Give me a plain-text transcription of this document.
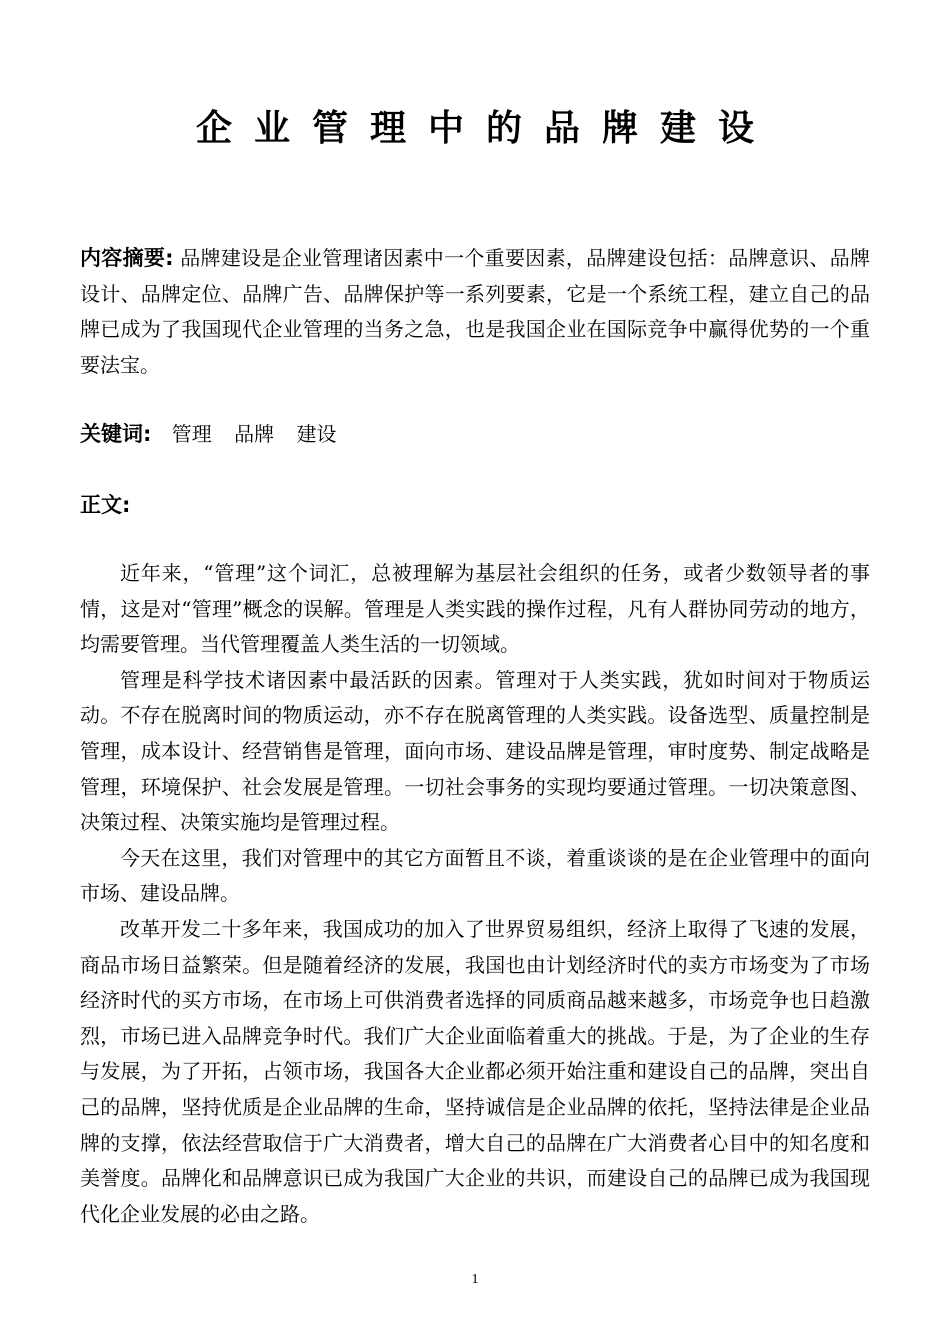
企业管理中的品牌建设
内容摘要: 品牌建设是企业管理诸因素中一个重要因素，品牌建设包括：品牌意识、品牌设计、品牌定位、品牌广告、品牌保护等一系列要素，它是一个系统工程，建立自己的品牌已成为了我国现代企业管理的当务之急，也是我国企业在国际竞争中赢得优势的一个重要法宝。
关键词: 管理 品牌 建设
正文:

近年来，“管理”这个词汇，总被理解为基层社会组织的任务，或者少数领导者的事情，这是对“管理”概念的误解。管理是人类实践的操作过程，凡有人群协同劳动的地方，均需要管理。当代管理覆盖人类生活的一切领域。

管理是科学技术诸因素中最活跃的因素。管理对于人类实践，犹如时间对于物质运动。不存在脱离时间的物质运动，亦不存在脱离管理的人类实践。设备选型、质量控制是管理，成本设计、经营销售是管理，面向市场、建设品牌是管理，审时度势、制定战略是管理，环境保护、社会发展是管理。一切社会事务的实现均要通过管理。一切决策意图、决策过程、决策实施均是管理过程。

今天在这里，我们对管理中的其它方面暂且不谈，着重谈谈的是在企业管理中的面向市场、建设品牌。

改革开发二十多年来，我国成功的加入了世界贸易组织，经济上取得了飞速的发展，商品市场日益繁荣。但是随着经济的发展，我国也由计划经济时代的卖方市场变为了市场经济时代的买方市场，在市场上可供消费者选择的同质商品越来越多，市场竞争也日趋激烈，市场已进入品牌竞争时代。我们广大企业面临着重大的挑战。于是，为了企业的生存与发展，为了开拓，占领市场，我国各大企业都必须开始注重和建设自己的品牌，突出自己的品牌，坚持优质是企业品牌的生命，坚持诚信是企业品牌的依托，坚持法律是企业品牌的支撑，依法经营取信于广大消费者，增大自己的品牌在广大消费者心目中的知名度和美誉度。品牌化和品牌意识已成为我国广大企业的共识，而建设自己的品牌已成为我国现代化企业发展的必由之路。

1
